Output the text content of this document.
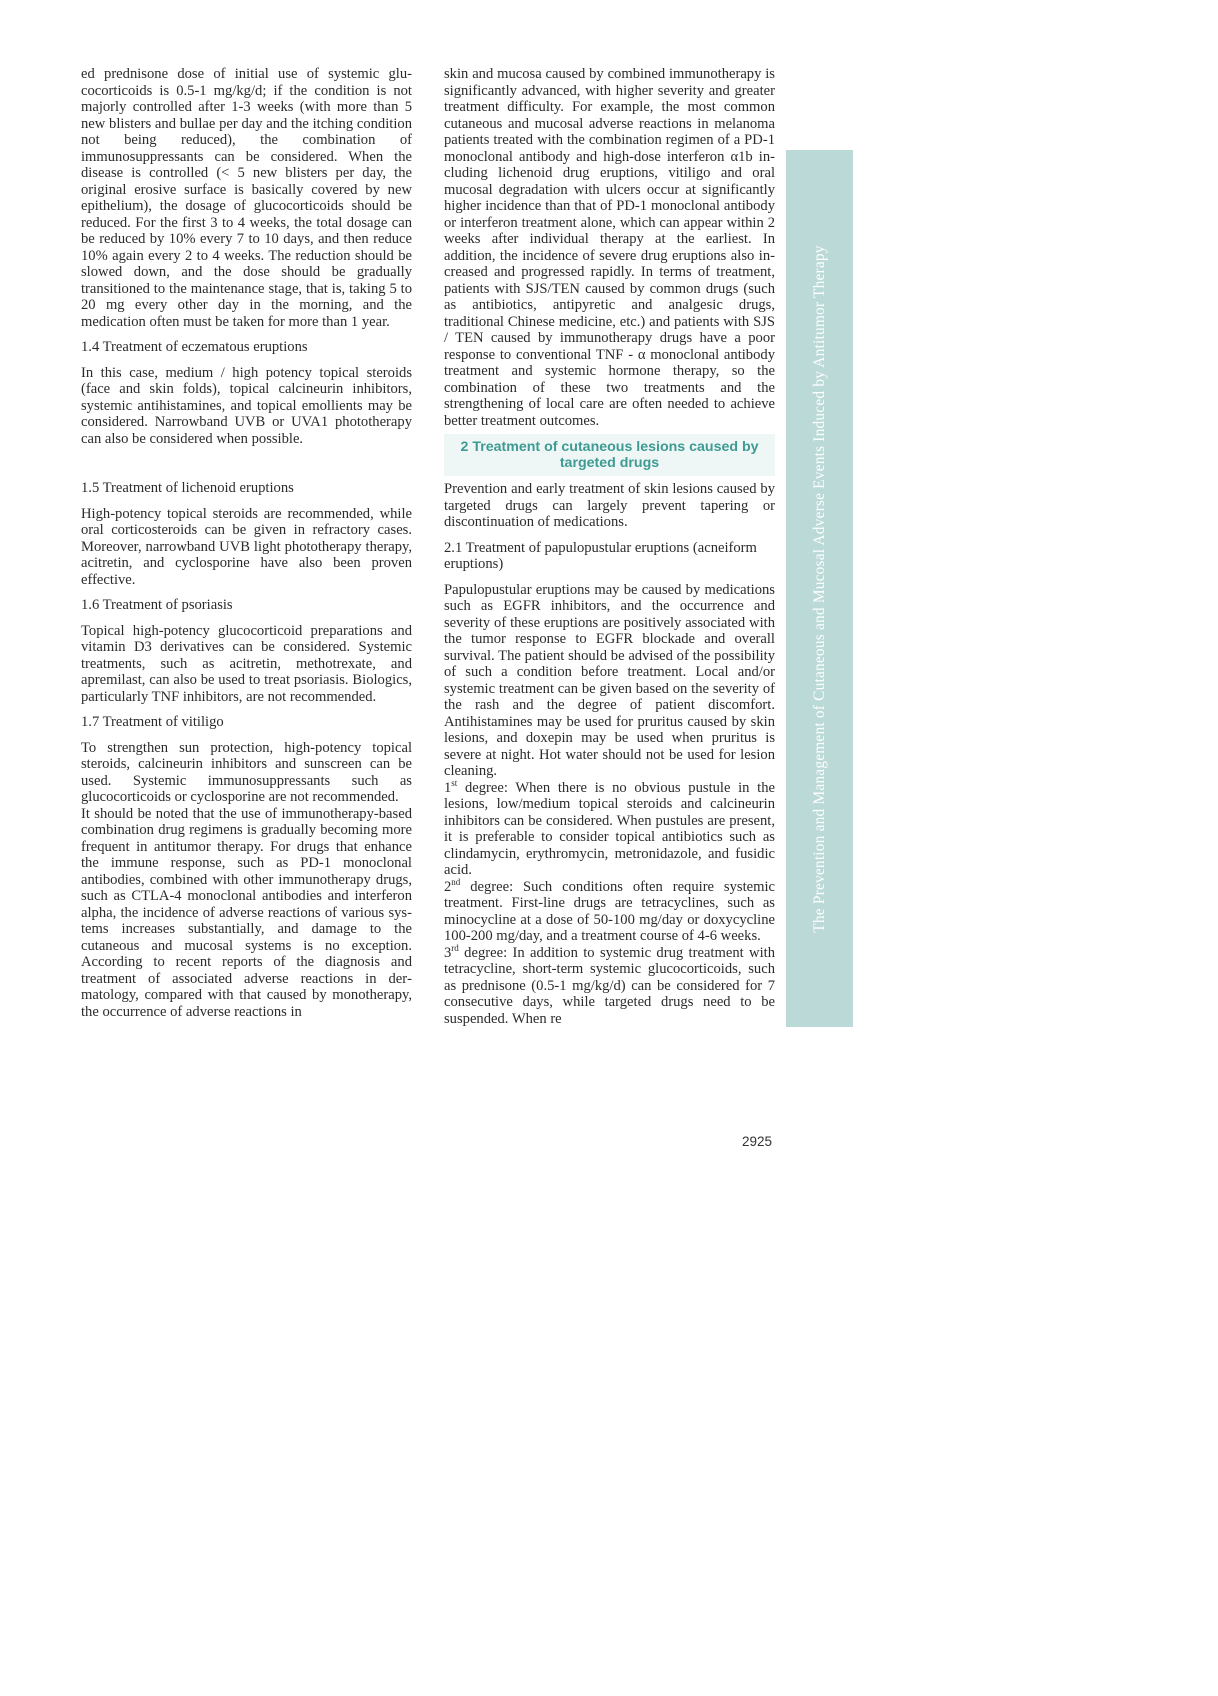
ed prednisone dose of initial use of systemic glucocorticoids is 0.5-1 mg/kg/d; if the condition is not majorly controlled after 1-3 weeks (with more than 5 new blisters and bullae per day and the itching condition not being reduced), the combination of immunosuppressants can be considered. When the disease is controlled (< 5 new blisters per day, the original erosive surface is basically covered by new epithelium), the dosage of glucocorticoids should be reduced. For the first 3 to 4 weeks, the total dosage can be reduced by 10% every 7 to 10 days, and then reduce 10% again every 2 to 4 weeks. The reduction should be slowed down, and the dose should be gradually transitioned to the maintenance stage, that is, taking 5 to 20 mg every other day in the morning, and the medication often must be taken for more than 1 year.

1.4 Treatment of eczematous eruptions

In this case, medium / high potency topical steroids (face and skin folds), topical calcineurin inhibitors, systemic antihistamines, and topical emollients may be considered. Narrowband UVB or UVA1 phototherapy can also be considered when possible.

1.5 Treatment of lichenoid eruptions

High-potency topical steroids are recommended, while oral corticosteroids can be given in refractory cases. Moreover, narrowband UVB light phototherapy therapy, acitretin, and cyclosporine have also been proven effective.

1.6 Treatment of psoriasis

Topical high-potency glucocorticoid preparations and vitamin D3 derivatives can be considered. Systemic treatments, such as acitretin, methotrexate, and apremilast, can also be used to treat psoriasis. Biologics, particularly TNF inhibitors, are not recommended.

1.7 Treatment of vitiligo

To strengthen sun protection, high-potency topical steroids, calcineurin inhibitors and sunscreen can be used. Systemic immunosuppressants such as glucocorticoids or cyclosporine are not recommended.

It should be noted that the use of immunotherapy-based combination drug regimens is gradually becoming more frequent in antitumor therapy. For drugs that enhance the immune response, such as PD-1 monoclonal antibodies, combined with other immunotherapy drugs, such as CTLA-4 monoclonal antibodies and interferon alpha, the incidence of adverse reactions of various systems increases substantially, and damage to the cutaneous and mucosal systems is no exception. According to recent reports of the diagnosis and treatment of associated adverse reactions in dermatology, compared with that caused by monotherapy, the occurrence of adverse reactions in

skin and mucosa caused by combined immunotherapy is significantly advanced, with higher severity and greater treatment difficulty. For example, the most common cutaneous and mucosal adverse reactions in melanoma patients treated with the combination regimen of a PD-1 monoclonal antibody and high-dose interferon α1b including lichenoid drug eruptions, vitiligo and oral mucosal degradation with ulcers occur at significantly higher incidence than that of PD-1 monoclonal antibody or interferon treatment alone, which can appear within 2 weeks after individual therapy at the earliest. In addition, the incidence of severe drug eruptions also increased and progressed rapidly. In terms of treatment, patients with SJS/TEN caused by common drugs (such as antibiotics, antipyretic and analgesic drugs, traditional Chinese medicine, etc.) and patients with SJS / TEN caused by immunotherapy drugs have a poor response to conventional TNF - α monoclonal antibody treatment and systemic hormone therapy, so the combination of these two treatments and the strengthening of local care are often needed to achieve better treatment outcomes.

2 Treatment of cutaneous lesions caused by targeted drugs

Prevention and early treatment of skin lesions caused by targeted drugs can largely prevent tapering or discontinuation of medications.

2.1 Treatment of papulopustular eruptions (acneiform eruptions)

Papulopustular eruptions may be caused by medications such as EGFR inhibitors, and the occurrence and severity of these eruptions are positively associated with the tumor response to EGFR blockade and overall survival. The patient should be advised of the possibility of such a condition before treatment. Local and/or systemic treatment can be given based on the severity of the rash and the degree of patient discomfort. Antihistamines may be used for pruritus caused by skin lesions, and doxepin may be used when pruritus is severe at night. Hot water should not be used for lesion cleaning.

1st degree: When there is no obvious pustule in the lesions, low/medium topical steroids and calcineurin inhibitors can be considered. When pustules are present, it is preferable to consider topical antibiotics such as clindamycin, erythromycin, metronidazole, and fusidic acid.

2nd degree: Such conditions often require systemic treatment. First-line drugs are tetracyclines, such as minocycline at a dose of 50-100 mg/day or doxycycline 100-200 mg/day, and a treatment course of 4-6 weeks.

3rd degree: In addition to systemic drug treatment with tetracycline, short-term systemic glucocorticoids, such as prednisone (0.5-1 mg/kg/d) can be considered for 7 consecutive days, while targeted drugs need to be suspended. When re

The Prevention and Management of Cutaneous and Mucosal Adverse Events Induced by Antitumor Therapy
2925
